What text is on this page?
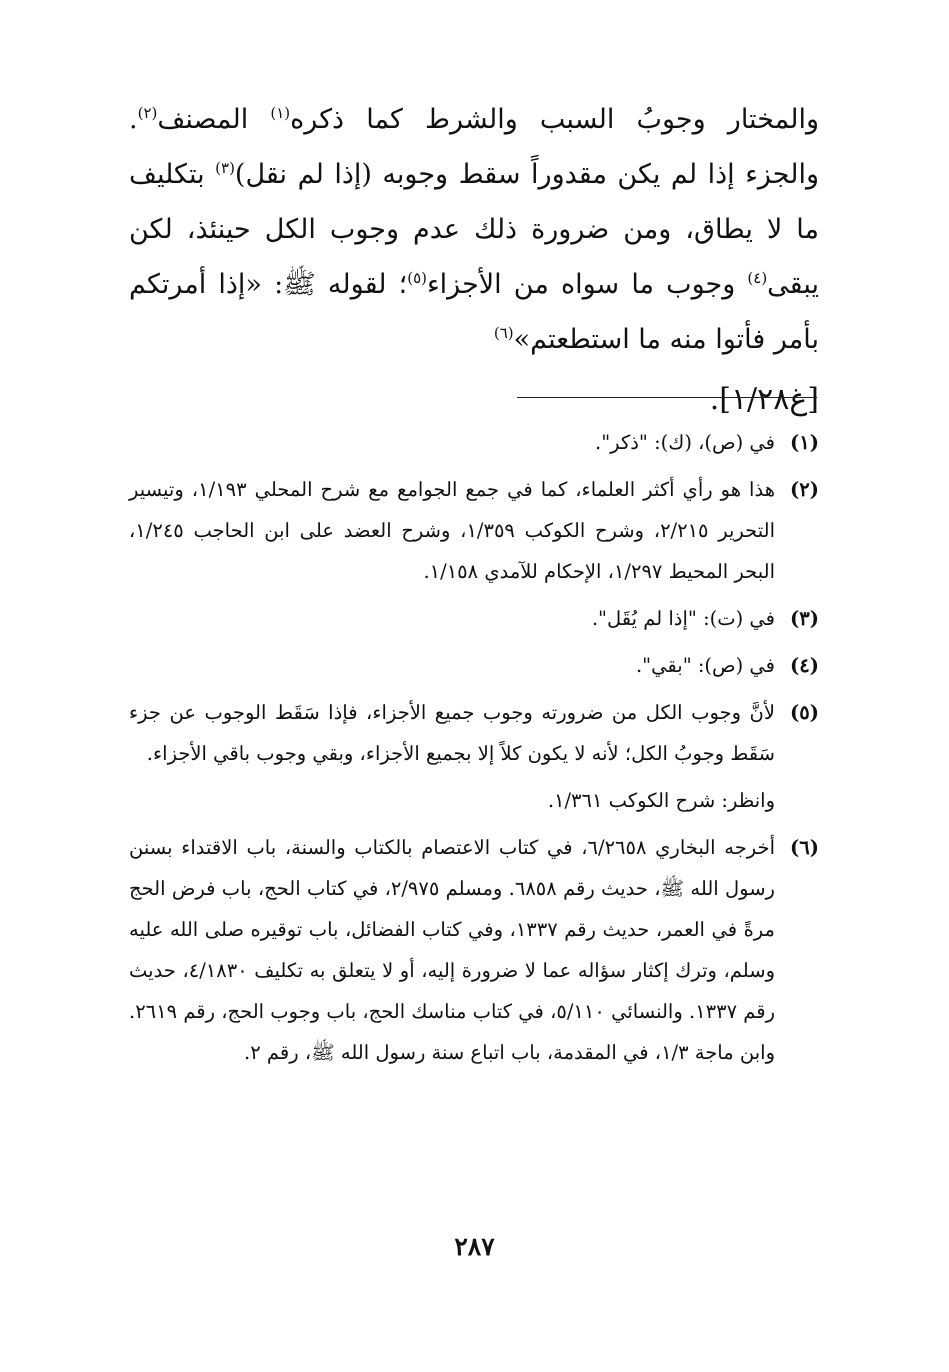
والمختار وجوبُ السبب والشرط كما ذكره$^{(١)}$ المصنف$^{(٢)}$. والجزء إذا لم يكن مقدوراً سقط وجوبه (إذا لم نقل)$^{(٣)}$ بتكليف ما لا يطاق، ومن ضرورة ذلك عدم وجوب الكل حينئذ، لكن يبقى$^{(٤)}$ وجوب ما سواه من الأجزاء$^{(٥)}$؛ لقوله ﷺ: «إذا أمرتكم بأمر فأتوا منه ما استطعتم»$^{(٦)}$

[غ١/٢٨].

(١)في (ص)، (ك): "ذكر".

(٢)هذا هو رأي أكثر العلماء، كما في جمع الجوامع مع شرح المحلي ١/١٩٣، وتيسير التحرير ٢/٢١٥، وشرح الكوكب ١/٣٥٩، وشرح العضد على ابن الحاجب ١/٢٤٥، البحر المحيط ١/٢٩٧، الإحكام للآمدي ١/١٥٨.

(٣)في (ت): "إذا لم يُقَل".

(٤)في (ص): "بقي".

(٥)لأنَّ وجوب الكل من ضرورته وجوب جميع الأجزاء، فإذا سَقَط الوجوب عن جزء سَقَط وجوبُ الكل؛ لأنه لا يكون كلاً إلا بجميع الأجزاء، وبقي وجوب باقي الأجزاء.

وانظر: شرح الكوكب ١/٣٦١.

(٦)أخرجه البخاري ٦/٢٦٥٨، في كتاب الاعتصام بالكتاب والسنة، باب الاقتداء بسنن رسول الله ﷺ، حديث رقم ٦٨٥٨. ومسلم ٢/٩٧٥، في كتاب الحج، باب فرض الحج مرةً في العمر، حديث رقم ١٣٣٧، وفي كتاب الفضائل، باب توقيره صلى الله عليه وسلم، وترك إكثار سؤاله عما لا ضرورة إليه، أو لا يتعلق به تكليف ٤/١٨٣٠، حديث رقم ١٣٣٧. والنسائي ٥/١١٠، في كتاب مناسك الحج، باب وجوب الحج، رقم ٢٦١٩. وابن ماجة ١/٣، في المقدمة، باب اتباع سنة رسول الله ﷺ، رقم ٢.

٢٨٧
